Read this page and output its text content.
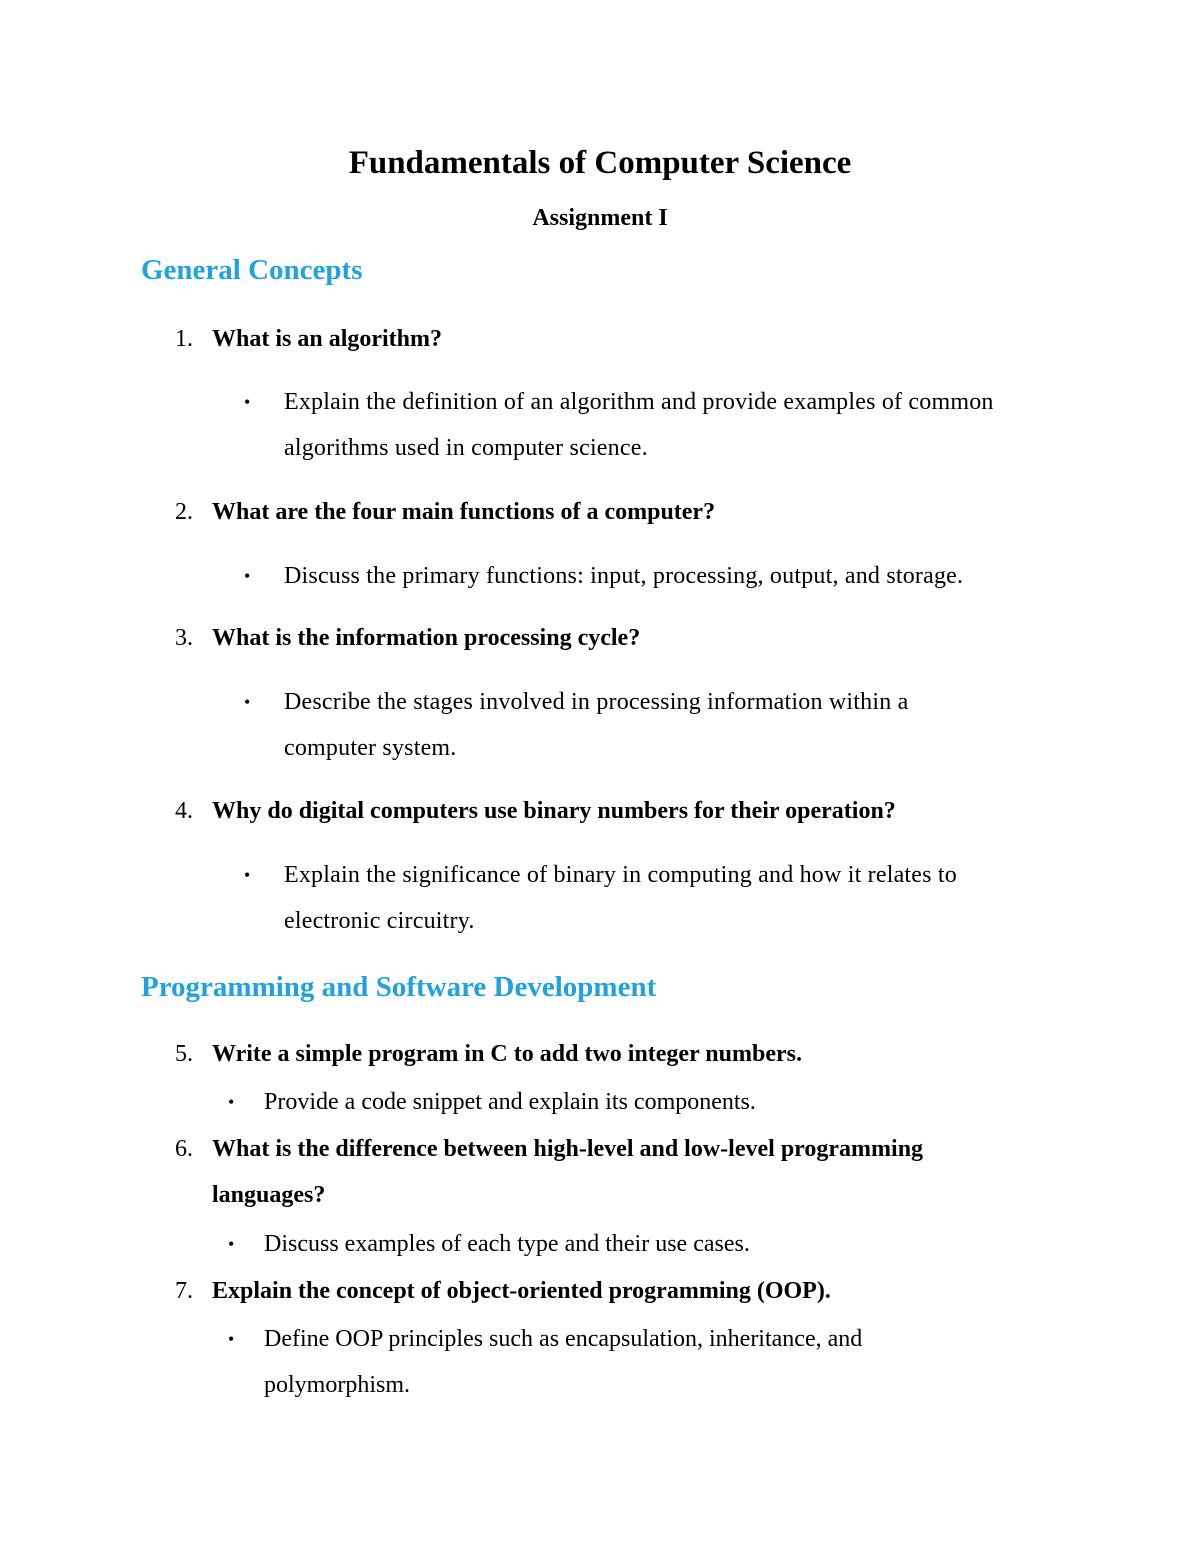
Fundamentals of Computer Science
Assignment I
General Concepts
1. What is an algorithm?
• Explain the definition of an algorithm and provide examples of common algorithms used in computer science.
2. What are the four main functions of a computer?
• Discuss the primary functions: input, processing, output, and storage.
3. What is the information processing cycle?
• Describe the stages involved in processing information within a computer system.
4. Why do digital computers use binary numbers for their operation?
• Explain the significance of binary in computing and how it relates to electronic circuitry.
Programming and Software Development
5. Write a simple program in C to add two integer numbers.
• Provide a code snippet and explain its components.
6. What is the difference between high-level and low-level programming languages?
• Discuss examples of each type and their use cases.
7. Explain the concept of object-oriented programming (OOP).
• Define OOP principles such as encapsulation, inheritance, and polymorphism.
